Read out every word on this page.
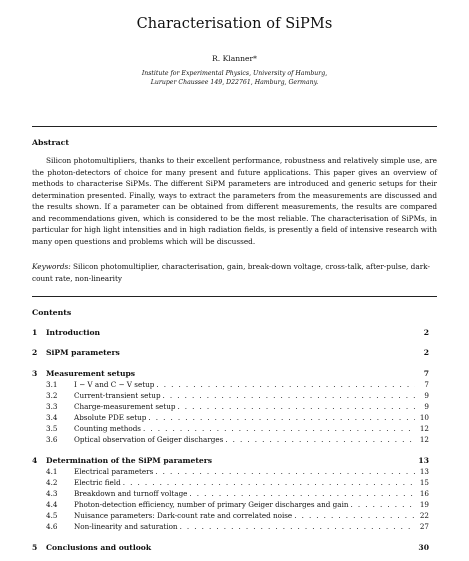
Characterisation of SiPMs
R. Klanner*
Institute for Experimental Physics, University of Hamburg,
Luruper Chaussee 149, D22761, Hamburg, Germany.
Abstract
Silicon photomultipliers, thanks to their excellent performance, robustness and relatively simple use, are the photon-detectors of choice for many present and future applications. This paper gives an overview of methods to characterise SiPMs. The different SiPM parameters are introduced and generic setups for their determination presented. Finally, ways to extract the parameters from the measurements are discussed and the results shown. If a parameter can be obtained from different measurements, the results are compared and recommendations given, which is considered to be the most reliable. The characterisation of SiPMs, in particular for high light intensities and in high radiation fields, is presently a field of intensive research with many open questions and problems which will be discussed.
Keywords: Silicon photomultiplier, characterisation, gain, break-down voltage, cross-talk, after-pulse, dark-count rate, non-linearity
Contents
1	Introduction	2
2	SiPM parameters	2
3	Measurement setups	7
3.1	I − V and C − V setup . . .	7
3.2	Current-transient setup . . .	9
3.3	Charge-measurement setup . . .	9
3.4	Absolute PDE setup . . .	10
3.5	Counting methods . . .	12
3.6	Optical observation of Geiger discharges . . .	12
4	Determination of the SiPM parameters	13
4.1	Electrical parameters . . .	13
4.2	Electric field . . .	15
4.3	Breakdown and turnoff voltage . . .	16
4.4	Photon-detection efficiency, number of primary Geiger discharges and gain . . .	19
4.5	Nuisance parameters: Dark-count rate and correlated noise . . .	22
4.6	Non-linearity and saturation . . .	27
5	Conclusions and outlook	30
